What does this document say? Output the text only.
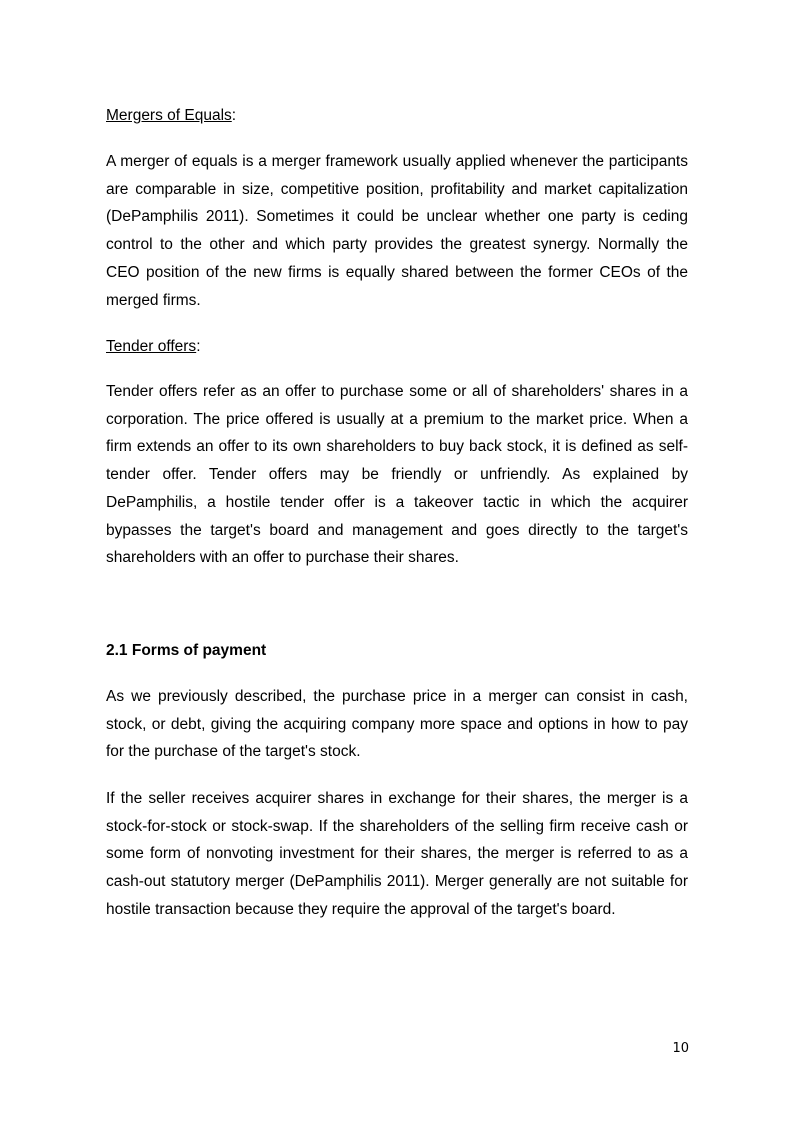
Mergers of Equals:

A merger of equals is a merger framework usually applied whenever the participants are comparable in size, competitive position, profitability and market capitalization (DePamphilis 2011). Sometimes it could be unclear whether one party is ceding control to the other and which party provides the greatest synergy. Normally the CEO position of the new firms is equally shared between the former CEOs of the merged firms.

Tender offers:

Tender offers refer as an offer to purchase some or all of shareholders' shares in a corporation. The price offered is usually at a premium to the market price. When a firm extends an offer to its own shareholders to buy back stock, it is defined as self-tender offer. Tender offers may be friendly or unfriendly. As explained by DePamphilis, a hostile tender offer is a takeover tactic in which the acquirer bypasses the target's board and management and goes directly to the target's shareholders with an offer to purchase their shares.

2.1 Forms of payment

As we previously described, the purchase price in a merger can consist in cash, stock, or debt, giving the acquiring company more space and options in how to pay for the purchase of the target's stock.

If the seller receives acquirer shares in exchange for their shares, the merger is a stock-for-stock or stock-swap. If the shareholders of the selling firm receive cash or some form of nonvoting investment for their shares, the merger is referred to as a cash-out statutory merger (DePamphilis 2011). Merger generally are not suitable for hostile transaction because they require the approval of the target's board.

10
